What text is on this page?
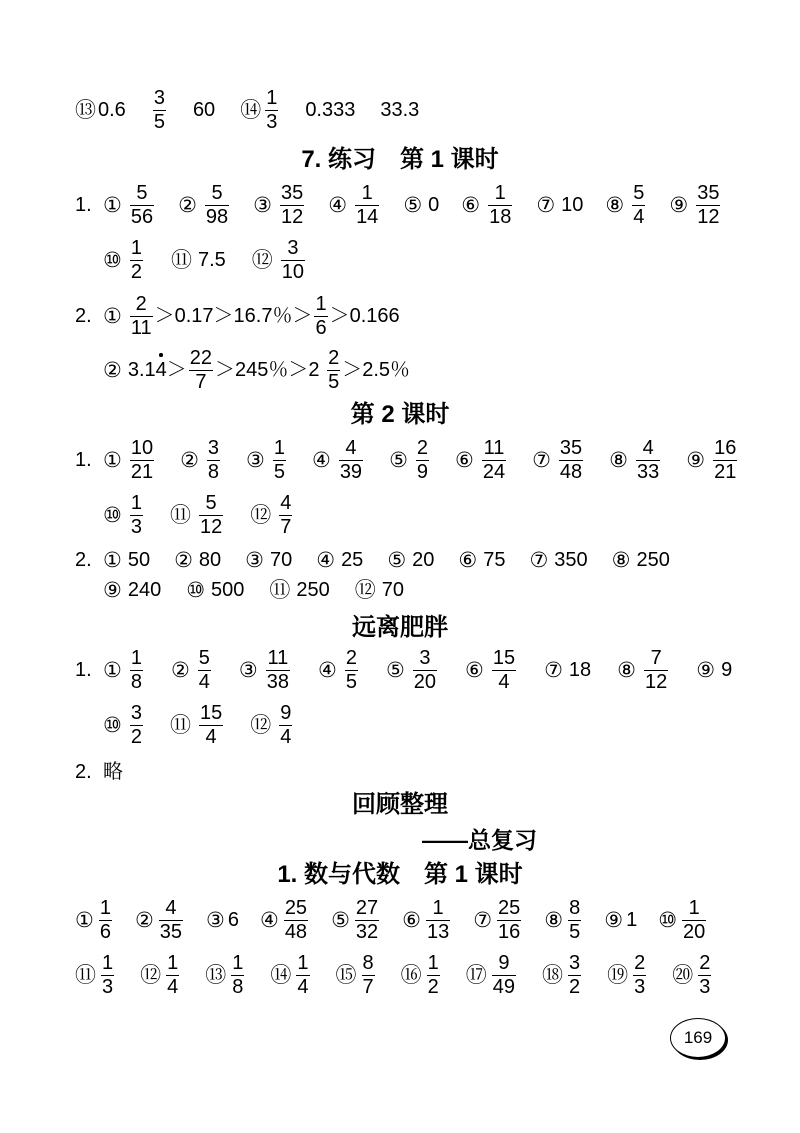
169
⑬ $0.6 \frac{3}{5} 60$ ⑭ $\frac{1}{3} 0.333$ 33.3
7. 练习　第 1 课时
1. ① $\frac{5}{56}$ ② $\frac{5}{98}$ ③ $\frac{35}{12}$ ④ $\frac{1}{14}$ ⑤ 0 ⑥ $\frac{1}{18}$ ⑦ 10 ⑧ $\frac{5}{4}$ ⑨ $\frac{35}{12}$
⑩ $\frac{1}{2}$ ⑪ 7.5 ⑫ $\frac{3}{10}$
2. ① $\frac{2}{11} >0.17>16.7$％＞ $\frac{1}{6} >0.166$
② 3.1 $4 > \frac{22}{7} >245$％$>2 \frac{2}{5} >2.5$％
第 2 课时
1. ① $\frac{10}{21}$ ② $\frac{3}{8}$ ③ $\frac{1}{5}$ ④ $\frac{4}{39}$ ⑤ $\frac{2}{9}$ ⑥ $\frac{11}{24}$ ⑦ $\frac{35}{48}$ ⑧ $\frac{4}{33}$ ⑨ $\frac{16}{21}$
⑩ $\frac{1}{3}$ ⑪ $\frac{5}{12}$ ⑫ $\frac{4}{7}$
2. ① 50 ② 80 ③ 70 ④ 25 ⑤ 20 ⑥ 75 ⑦ 350 ⑧ 250
⑨ 240 ⑩ 500 ⑪ 250 ⑫ 70
远离肥胖
1. ① $\frac{1}{8}$ ② $\frac{5}{4}$ ③ $\frac{11}{38}$ ④ $\frac{2}{5}$ ⑤ $\frac{3}{20}$ ⑥ $\frac{15}{4}$ ⑦ 18 ⑧ $\frac{7}{12}$ ⑨ 9
⑩ $\frac{3}{2}$ ⑪ $\frac{15}{4}$ ⑫ $\frac{9}{4}$
2. 略
回顾整理
——总复习
1. 数与代数　第 1 课时
① $\frac{1}{6}$ ② $\frac{4}{35}$ ③ 6 ④ $\frac{25}{48}$ ⑤ $\frac{27}{32}$ ⑥ $\frac{1}{13}$ ⑦ $\frac{25}{16}$ ⑧ $\frac{8}{5}$ ⑨ 1 ⑩ $\frac{1}{20}$
⑪ $\frac{1}{3}$ ⑫ $\frac{1}{4}$ ⑬ $\frac{1}{8}$ ⑭ $\frac{1}{4}$ ⑮ $\frac{8}{7}$ ⑯ $\frac{1}{2}$ ⑰ $\frac{9}{49}$ ⑱ $\frac{3}{2}$ ⑲ $\frac{2}{3}$ ⑳ $\frac{2}{3}$
